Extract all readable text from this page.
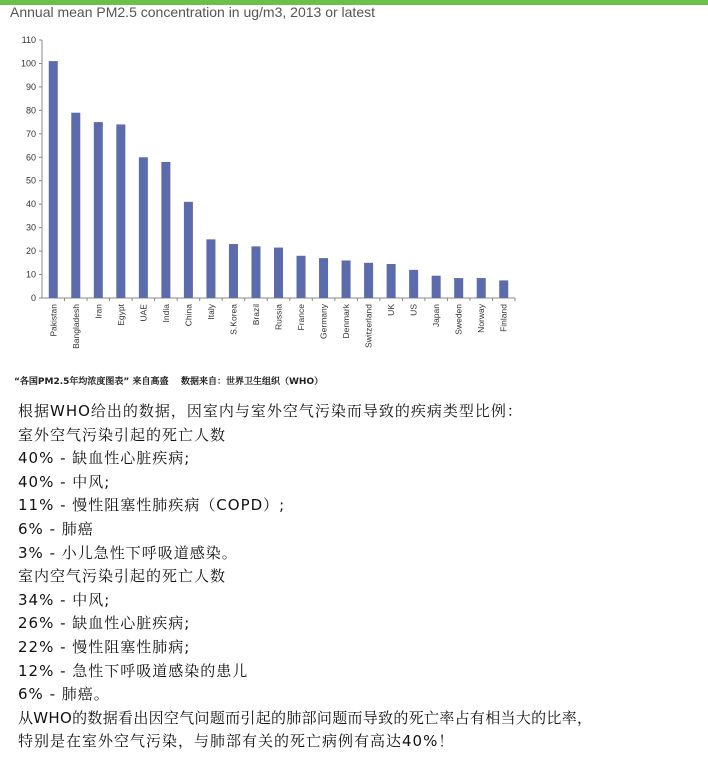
0
10
20
30
40
50
60
70
80
90
100
110
Pakistan Bangladesh Iran Egypt UAE India China Italy S.Korea Brazil Russia France Germany Denmark Switzerland UK US Japan Sweden Norway Finland
Annual mean PM2.5 concentration in ug/m3, 2013 or latest
“各国PM2.5年均浓度图表” 来自高盛    数据来自：世界卫生组织（WHO）

根据WHO给出的数据，因室内与室外空气污染而导致的疾病类型比例：

室外空气污染引起的死亡人数

40% - 缺血性心脏疾病;

40% - 中风;

11% - 慢性阻塞性肺疾病（COPD）;

6% - 肺癌

3% - 小儿急性下呼吸道感染。

室内空气污染引起的死亡人数

34% - 中风;

26% - 缺血性心脏疾病;

22% - 慢性阻塞性肺病;

12% - 急性下呼吸道感染的患儿

6% - 肺癌。

从WHO的数据看出因空气问题而引起的肺部问题而导致的死亡率占有相当大的比率，

特别是在室外空气污染，与肺部有关的死亡病例有高达40%！
